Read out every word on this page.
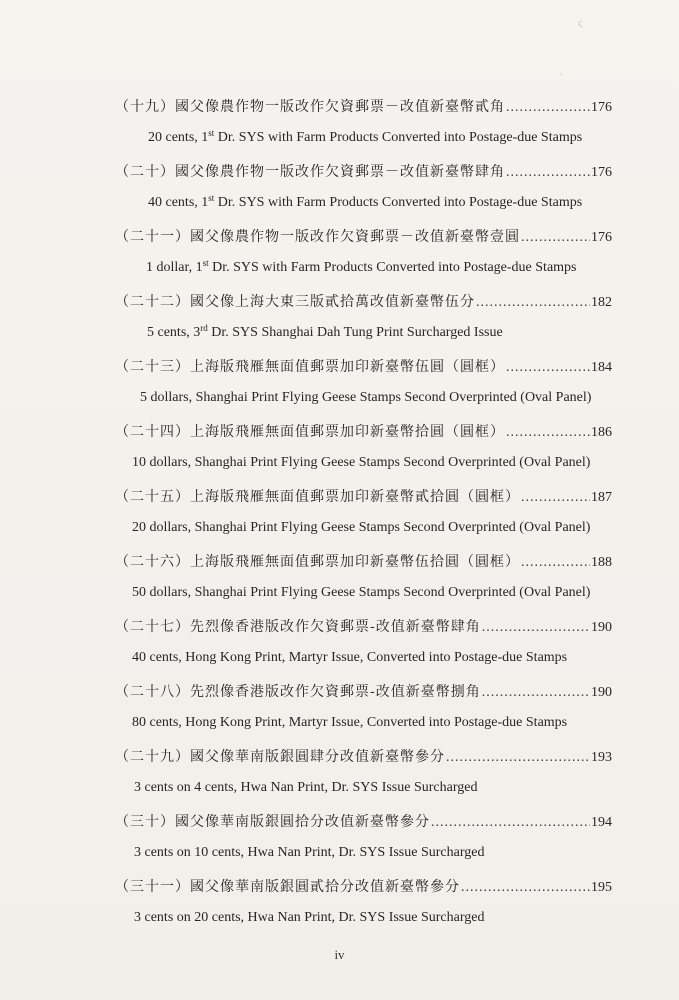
ς
'
（十九）國父像農作物一版改作欠資郵票－改值新臺幣貳角 .....	176
20 cents, 1st Dr. SYS with Farm Products Converted into Postage-due Stamps
（二十）國父像農作物一版改作欠資郵票－改值新臺幣肆角 .....	176
40 cents, 1st Dr. SYS with Farm Products Converted into Postage-due Stamps
（二十一）國父像農作物一版改作欠資郵票－改值新臺幣壹圓 .....	176
1 dollar, 1st Dr. SYS with Farm Products Converted into Postage-due Stamps
（二十二）國父像上海大東三版貳拾萬改值新臺幣伍分 .....	182
5 cents, 3rd Dr. SYS Shanghai Dah Tung Print Surcharged Issue
（二十三）上海版飛雁無面值郵票加印新臺幣伍圓（圓框） .....	184
5 dollars, Shanghai Print Flying Geese Stamps Second Overprinted (Oval Panel)
（二十四）上海版飛雁無面值郵票加印新臺幣拾圓（圓框） .....	186
10 dollars, Shanghai Print Flying Geese Stamps Second Overprinted (Oval Panel)
（二十五）上海版飛雁無面值郵票加印新臺幣貳拾圓（圓框） .....	187
20 dollars, Shanghai Print Flying Geese Stamps Second Overprinted (Oval Panel)
（二十六）上海版飛雁無面值郵票加印新臺幣伍拾圓（圓框） .....	188
50 dollars, Shanghai Print Flying Geese Stamps Second Overprinted (Oval Panel)
（二十七）先烈像香港版改作欠資郵票-改值新臺幣肆角 .....	190
40 cents, Hong Kong Print, Martyr Issue, Converted into Postage-due Stamps
（二十八）先烈像香港版改作欠資郵票-改值新臺幣捌角 .....	190
80 cents, Hong Kong Print, Martyr Issue, Converted into Postage-due Stamps
（二十九）國父像華南版銀圓肆分改值新臺幣參分 .....	193
3 cents on 4 cents, Hwa Nan Print, Dr. SYS Issue Surcharged
（三十）國父像華南版銀圓拾分改值新臺幣參分 .....	194
3 cents on 10 cents, Hwa Nan Print, Dr. SYS Issue Surcharged
（三十一）國父像華南版銀圓貳拾分改值新臺幣參分 .....	195
3 cents on 20 cents, Hwa Nan Print, Dr. SYS Issue Surcharged
iv
